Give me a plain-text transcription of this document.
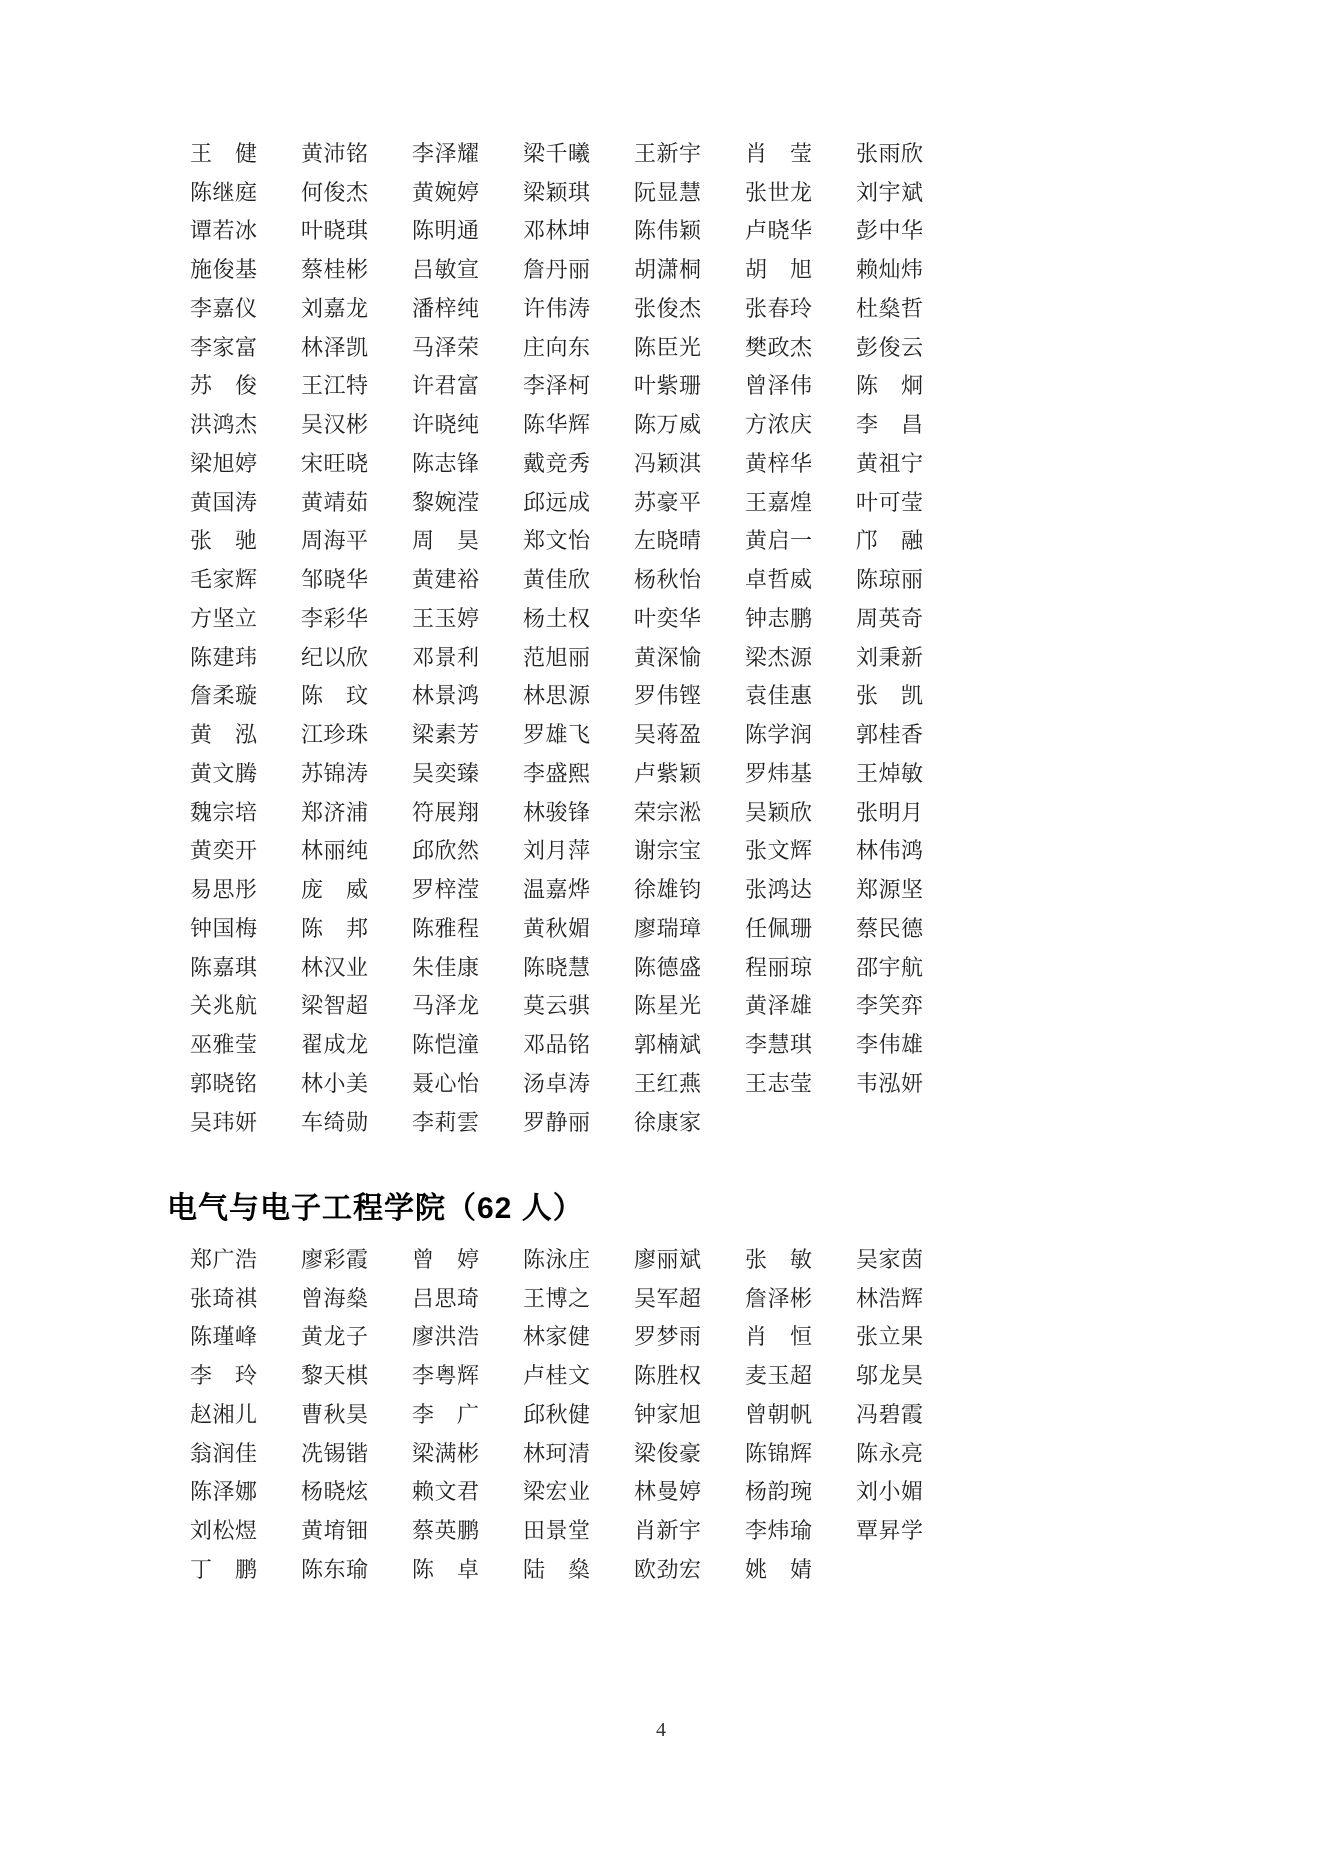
王　健	黄沛铭	李泽耀	梁千曦	王新宇	肖　莹	张雨欣
陈继庭	何俊杰	黄婉婷	梁颖琪	阮显慧	张世龙	刘宇斌
谭若冰	叶晓琪	陈明通	邓林坤	陈伟颖	卢晓华	彭中华
施俊基	蔡桂彬	吕敏宣	詹丹丽	胡潇桐	胡　旭	赖灿炜
李嘉仪	刘嘉龙	潘梓纯	许伟涛	张俊杰	张春玲	杜燊哲
李家富	林泽凯	马泽荣	庄向东	陈臣光	樊政杰	彭俊云
苏　俊	王江特	许君富	李泽柯	叶紫珊	曾泽伟	陈　炯
洪鸿杰	吴汉彬	许晓纯	陈华辉	陈万威	方浓庆	李　昌
梁旭婷	宋旺晓	陈志锋	戴竞秀	冯颖淇	黄梓华	黄祖宁
黄国涛	黄靖茹	黎婉滢	邱远成	苏豪平	王嘉煌	叶可莹
张　驰	周海平	周　昊	郑文怡	左晓晴	黄启一	邝　融
毛家辉	邹晓华	黄建裕	黄佳欣	杨秋怡	卓哲威	陈琼丽
方坚立	李彩华	王玉婷	杨土权	叶奕华	钟志鹏	周英奇
陈建玮	纪以欣	邓景利	范旭丽	黄深愉	梁杰源	刘秉新
詹柔璇	陈　玟	林景鸿	林思源	罗伟铿	袁佳惠	张　凯
黄　泓	江珍珠	梁素芳	罗雄飞	吴蒋盈	陈学润	郭桂香
黄文腾	苏锦涛	吴奕臻	李盛熙	卢紫颖	罗炜基	王焯敏
魏宗培	郑济浦	符展翔	林骏锋	荣宗淞	吴颖欣	张明月
黄奕开	林丽纯	邱欣然	刘月萍	谢宗宝	张文辉	林伟鸿
易思彤	庞　威	罗梓滢	温嘉烨	徐雄钧	张鸿达	郑源坚
钟国梅	陈　邦	陈雅程	黄秋媚	廖瑞璋	任佩珊	蔡民德
陈嘉琪	林汉业	朱佳康	陈晓慧	陈德盛	程丽琼	邵宇航
关兆航	梁智超	马泽龙	莫云骐	陈星光	黄泽雄	李笑弈
巫雅莹	翟成龙	陈恺潼	邓品铭	郭楠斌	李慧琪	李伟雄
郭晓铭	林小美	聂心怡	汤卓涛	王红燕	王志莹	韦泓妍
吴玮妍	车绮勋	李莉雲	罗静丽	徐康家
电气与电子工程学院（62 人）
郑广浩	廖彩霞	曾　婷	陈泳庄	廖丽斌	张　敏	吴家茵
张琦祺	曾海燊	吕思琦	王博之	吴军超	詹泽彬	林浩辉
陈瑾峰	黄龙子	廖洪浩	林家健	罗梦雨	肖　恒	张立果
李　玲	黎天棋	李粤辉	卢桂文	陈胜权	麦玉超	邬龙昊
赵湘儿	曹秋昊	李　广	邱秋健	钟家旭	曾朝帆	冯碧霞
翁润佳	冼锡锴	梁满彬	林珂清	梁俊豪	陈锦辉	陈永亮
陈泽娜	杨晓炫	赖文君	梁宏业	林曼婷	杨韵琬	刘小媚
刘松煜	黄堉钿	蔡英鹏	田景堂	肖新宇	李炜瑜	覃昇学
丁　鹏	陈东瑜	陈　卓	陆　燊	欧劲宏	姚　婧
4
